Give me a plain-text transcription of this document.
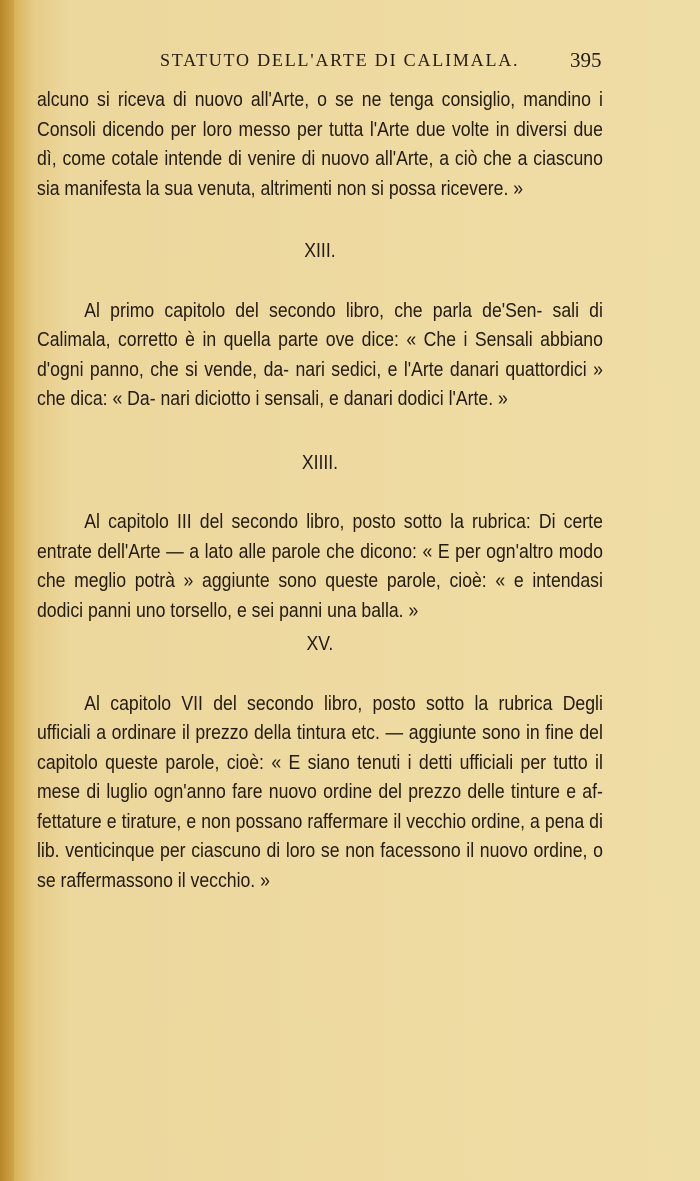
STATUTO DELL'ARTE DI CALIMALA. 395

alcuno si riceva di nuovo all'Arte, o se ne tenga consiglio, mandino i Consoli dicendo per loro messo per tutta l'Arte due volte in diversi due dì, come cotale intende di venire di nuovo all'Arte, a ciò che a ciascuno sia manifesta la sua venuta, altrimenti non si possa ricevere. »

XIII.

Al primo capitolo del secondo libro, che parla de'Sen- sali di Calimala, corretto è in quella parte ove dice: « Che i Sensali abbiano d'ogni panno, che si vende, da- nari sedici, e l'Arte danari quattordici » che dica: « Da- nari diciotto i sensali, e danari dodici l'Arte. »

XIIII.

Al capitolo III del secondo libro, posto sotto la rubrica: Di certe entrate dell'Arte — a lato alle parole che dicono: « E per ogn'altro modo che meglio potrà » aggiunte sono queste parole, cioè: « e intendasi dodici panni uno torsello, e sei panni una balla. »

XV.

Al capitolo VII del secondo libro, posto sotto la rubrica Degli ufficiali a ordinare il prezzo della tintura etc. — aggiunte sono in fine del capitolo queste parole, cioè: « E siano tenuti i detti ufficiali per tutto il mese di luglio ogn'anno fare nuovo ordine del prezzo delle tinture e af- fettature e tirature, e non possano raffermare il vecchio ordine, a pena di lib. venticinque per ciascuno di loro se non facessono il nuovo ordine, o se raffermassono il vecchio. »
